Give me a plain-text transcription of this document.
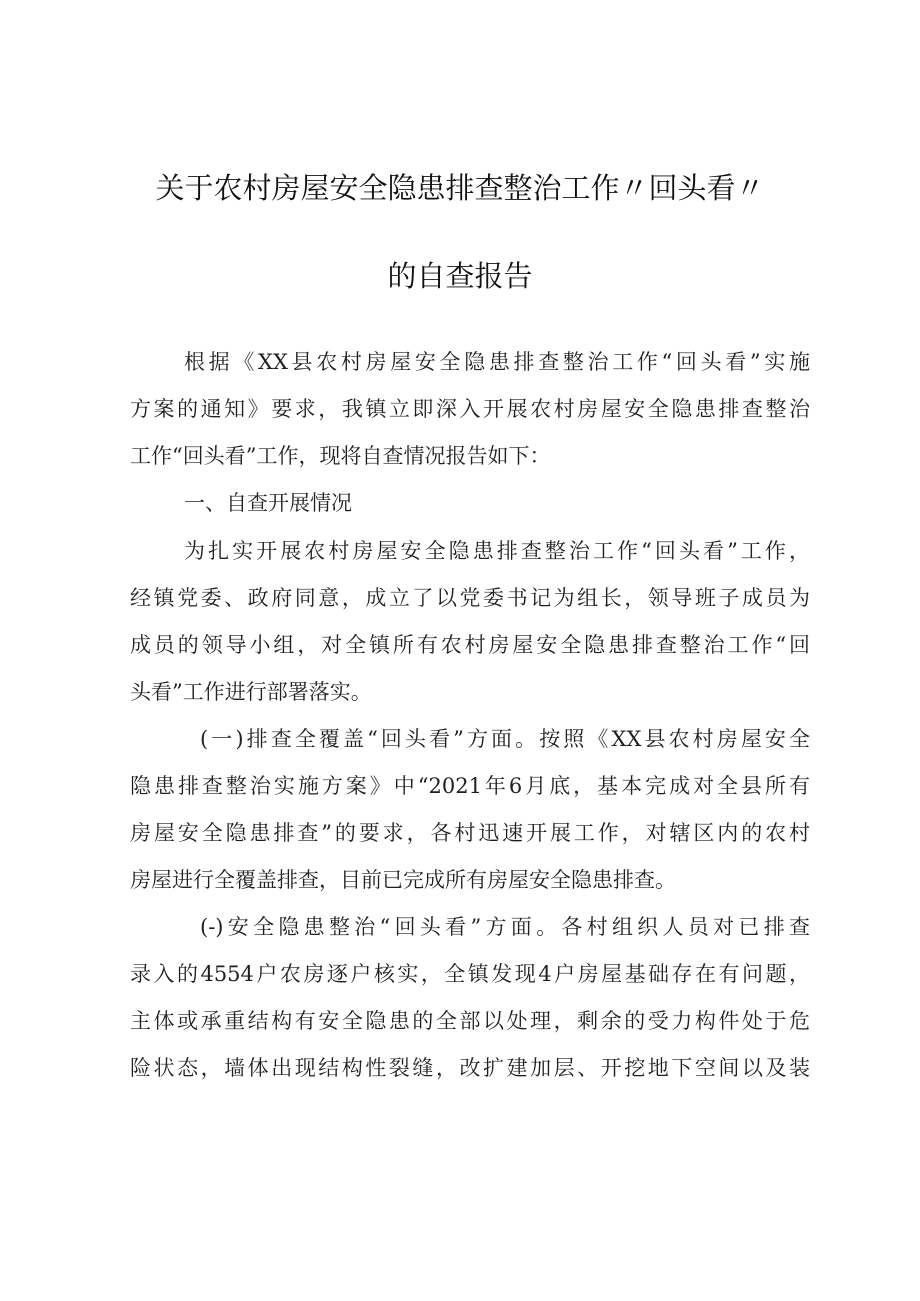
关于农村房屋安全隐患排查整治工作〃回头看〃
的自查报告
根据《XX县农村房屋安全隐患排查整治工作“回头看”实施
方案的通知》要求，我镇立即深入开展农村房屋安全隐患排查整治
工作“回头看”工作，现将自查情况报告如下：
一、自查开展情况
为扎实开展农村房屋安全隐患排查整治工作“回头看”工作，
经镇党委、政府同意，成立了以党委书记为组长，领导班子成员为
成员的领导小组，对全镇所有农村房屋安全隐患排查整治工作“回
头看”工作进行部署落实。
(一)排查全覆盖“回头看”方面。按照《XX县农村房屋安全
隐患排查整治实施方案》中“2021年6月底，基本完成对全县所有
房屋安全隐患排查”的要求，各村迅速开展工作，对辖区内的农村
房屋进行全覆盖排查，目前已完成所有房屋安全隐患排查。
(-)安全隐患整治“回头看”方面。各村组织人员对已排查
录入的4554户农房逐户核实，全镇发现4户房屋基础存在有问题，
主体或承重结构有安全隐患的全部以处理，剩余的受力构件处于危
险状态，墙体出现结构性裂缝，改扩建加层、开挖地下空间以及装
